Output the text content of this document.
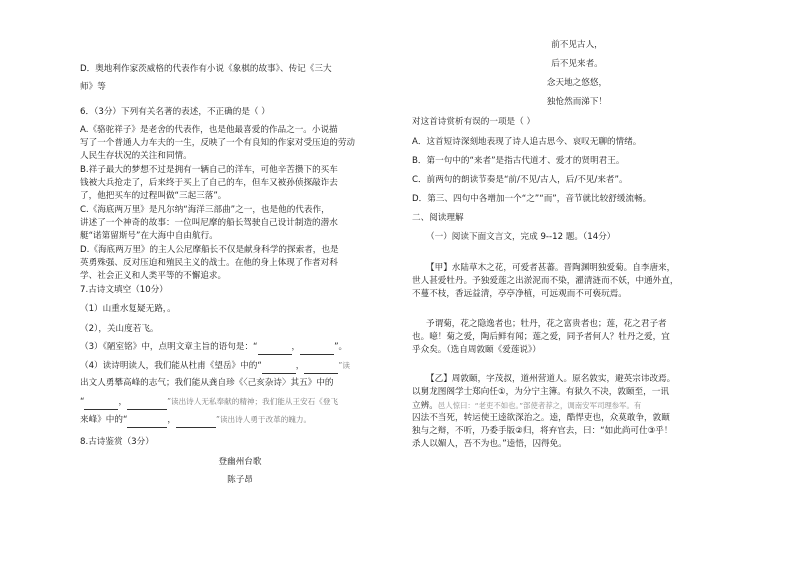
D．奥地利作家茨威格的代表作有小说《象棋的故事》、传记《三大
师》等
6．（3分）下列有关名著的表述，不正确的是（ ）
A.《骆驼祥子》是老舍的代表作，也是他最喜爱的作品之一。小说描
写了一个普通人力车夫的一生，反映了一个有良知的作家对受压迫的劳动
人民生存状况的关注和同情。
B.祥子最大的梦想不过是拥有一辆自己的洋车，可他辛苦攒下的买车
钱被大兵抢走了，后来终于买上了自己的车，但车又被孙侦探敲诈去
了，他把买车的过程叫做“三起三落”。
C.《海底两万里》是凡尔纳“海洋三部曲”之一，也是他的代表作，
讲述了一个神奇的故事：一位叫尼摩的船长驾驶自己设计制造的潜水
艇“诺第留斯号”在大海中自由航行。
D.《海底两万里》的主人公尼摩船长不仅是献身科学的探索者，也是
英勇殊强、反对压迫和殖民主义的战士。在他的身上体现了作者对科
学、社会正义和人类平等的不懈追求。
7.古诗文填空（10分）
（1）山重水复疑无路，。
（2），关山度若飞。
（3）《陋室铭》中，点明文章主旨的语句是：“	，	”。
（4）读诗明读人，我们能从杜甫《望岳》中的“	，	”读
出文人勇攀高峰的志气；我们能从龚自珍《〈己亥杂诗〉其五》中的
“	，	”读出诗人无私奉献的精神；我们能从王安石《登飞
来峰》中的“	，	”读出诗人勇于改革的魄力。
8.古诗鉴赏（3分）
登幽州台歌
陈子昂
前不见古人，
后不见来者。
念天地之悠悠，
独怆然而涕下！
对这首诗赏析有误的一项是（ ）
A．这首短诗深刻地表现了诗人追古思今、哀叹无聊的情绪。
B．第一句中的“来者”是指古代道才、爱才的贤明君王。
C．前两句的朗读节奏是“前/不见/古人，后/不见/来者”。
D．第三、四句中各增加一个“之”“而”，音节就比较舒缓流畅。
二、阅读理解
（一）阅读下面文言文，完成 9--12 题。（14分）
【甲】水陆草木之花，可爱者甚蕃。晋陶渊明独爱菊。自李唐来，
世人甚爱牡丹。予独爱莲之出淤泥而不染，濯清涟而不妖，中通外直，
不蔓不枝，香远益清，亭亭净植，可远观而不可亵玩焉。
予谓菊，花之隐逸者也；牡丹，花之富贵者也；莲，花之君子者
也。噫！菊之爱，陶后鲜有闻；莲之爱，同予者何人？牡丹之爱，宜
乎众矣。（选自周敦颐《爱莲说》）
【乙】周敦颐，字茂叔，道州营道人。原名敦实，避英宗讳改焉。
以舅龙图阁学士郑向任①，为分宁主簿。有狱久不决，敦颐至，一讯
立辨。邑人惊曰：“老吏不如也。”部使者荐之，调南安军司理参军。有
囚法不当死，转运使王逵欲深治之。逵，酷悍吏也，众莫敢争，敦颐
独与之辩，不听，乃委手版②归，将弃官去，曰：“如此尚可仕③乎！
杀人以媚人，吾不为也。”逵悟，囚得免。
